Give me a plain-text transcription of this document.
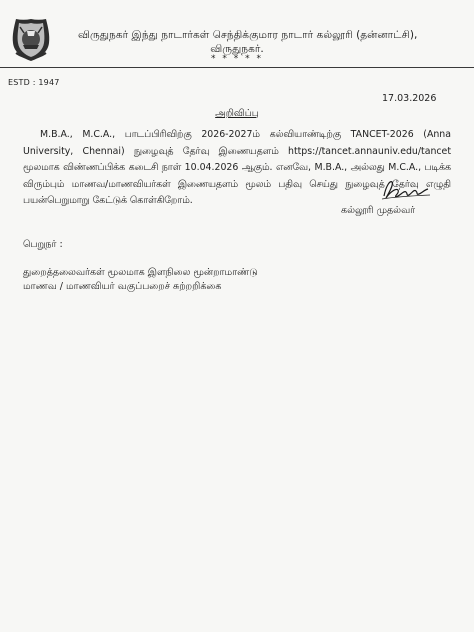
ESTD : 1947
விருதுநகர் இந்து நாடார்கள் செந்திக்குமார நாடார் கல்லூரி (தன்னாட்சி),
விருதுநகர்.
* * * * *
17.03.2026
அறிவிப்பு
M.B.A., M.C.A., பாடப்பிரிவிற்கு 2026-2027ம் கல்வியாண்டிற்கு TANCET-2026 (Anna University, Chennai) நுழைவுத் தேர்வு இணையதளம் https://tancet.annauniv.edu/tancet மூலமாக விண்ணப்பிக்க கடைசி நாள் 10.04.2026 ஆகும். எனவே, M.B.A., அல்லது M.C.A., படிக்க விரும்பும் மாணவ/மாணவியர்கள் இணையதளம் மூலம் பதிவு செய்து நுழைவுத் தேர்வு எழுதி பயன்பெறுமாறு கேட்டுக் கொள்கிறோம்.
கல்லூரி முதல்வர்
பெறுநர் :
துறைத்தலைவர்கள் மூலமாக இளநிலை மூன்றாமாண்டு
மாணவ / மாணவியர் வகுப்பறைச் சுற்றறிக்கை
